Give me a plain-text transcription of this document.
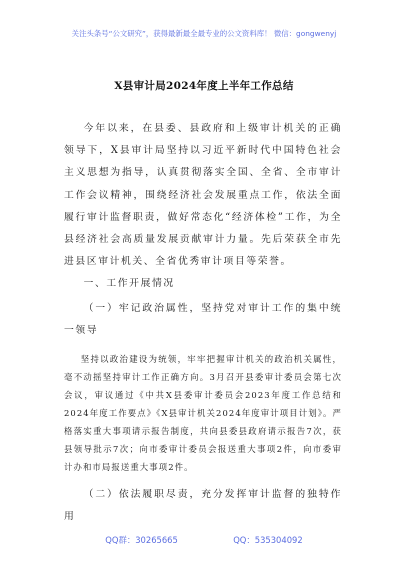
关注头条号“公文研究”，获得最新最全最专业的公文资料库！ 微信：gongwenyj
X县审计局2024年度上半年工作总结

今年以来，在县委、县政府和上级审计机关的正确领导下，X县审计局坚持以习近平新时代中国特色社会主义思想为指导，认真贯彻落实全国、全省、全市审计工作会议精神，围绕经济社会发展重点工作，依法全面履行审计监督职责，做好常态化“经济体检”工作，为全县经济社会高质量发展贡献审计力量。先后荣获全市先进县区审计机关、全省优秀审计项目等荣誉。

一、工作开展情况

（一）牢记政治属性，坚持党对审计工作的集中统一领导

坚持以政治建设为统领，牢牢把握审计机关的政治机关属性，毫不动摇坚持审计工作正确方向。3月召开县委审计委员会第七次会议，审议通过《中共X县委审计委员会2023年度工作总结和2024年度工作要点》《X县审计机关2024年度审计项目计划》。严格落实重大事项请示报告制度，共向县委县政府请示报告7次，获县领导批示7次；向市委审计委员会报送重大事项2件，向市委审计办和市局报送重大事项2件。

（二）依法履职尽责，充分发挥审计监督的独特作用

QQ群：30265665	QQ：535304092
